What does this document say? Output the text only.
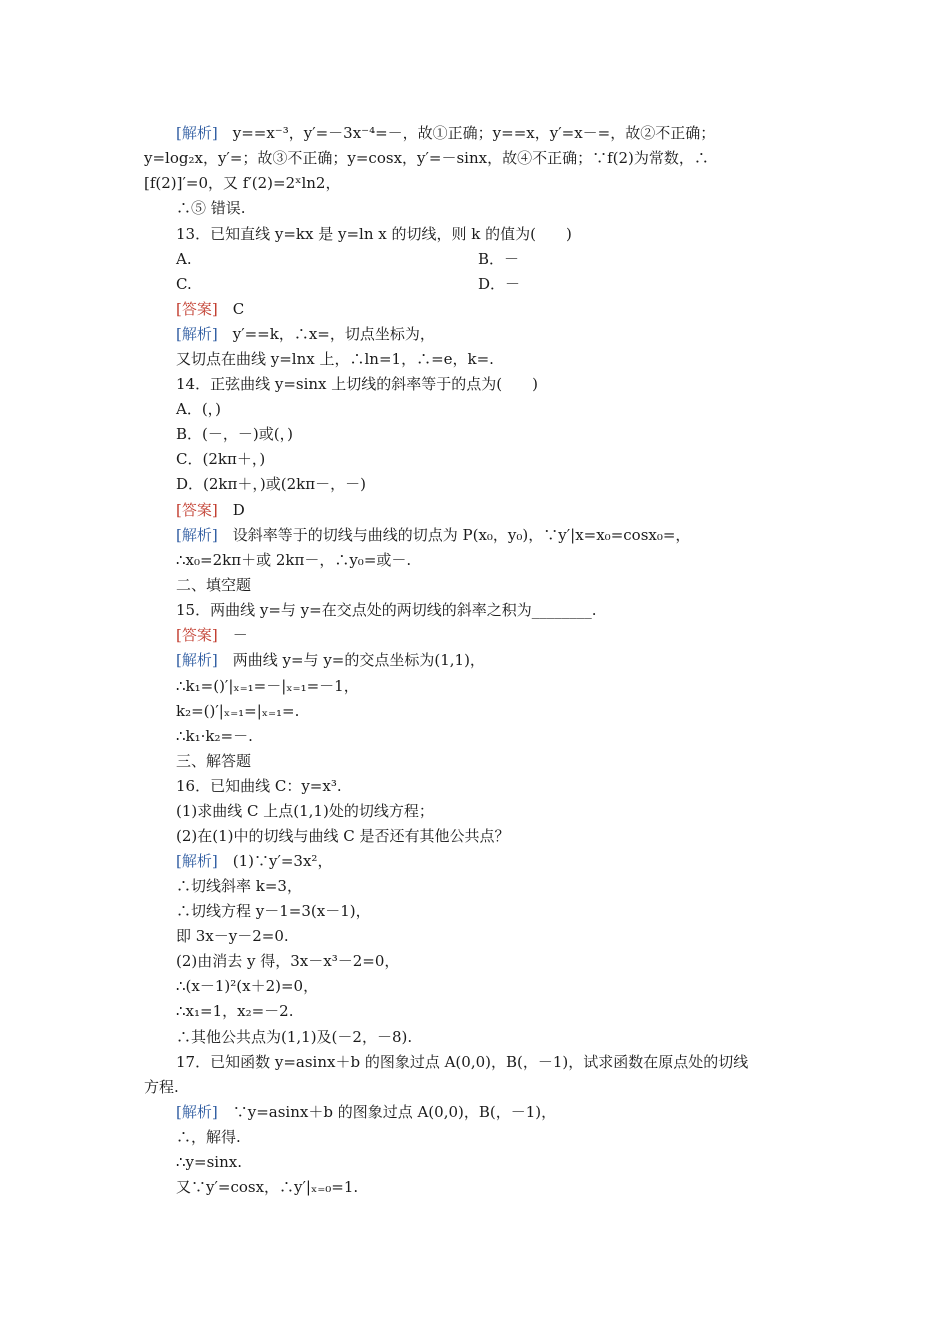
[解析]　 y==x⁻³，y′=－3x⁻⁴=－，故①正确；y==x，y′=x－=，故②不正确；
y=log₂x，y′=；故③不正确；y=cosx，y′=－sinx，故④不正确；∵f(2)为常数，∴
[f(2)]′=0，又 f′(2)=2ˣln2，
∴⑤ 错误.
13．已知直线 y=kx 是 y=ln x 的切线，则 k 的值为(　　)
A.	B．－
C.	D．－
[答案]　 C
[解析]　 y′==k，∴x=，切点坐标为，
又切点在曲线 y=lnx 上，∴ln=1，∴=e，k=.
14．正弦曲线 y=sinx 上切线的斜率等于的点为(　　)
A．(，)
B．(－，－)或(，)
C．(2kπ＋，)
D．(2kπ＋，)或(2kπ－，－)
[答案]　 D
[解析]　 设斜率等于的切线与曲线的切点为 P(x₀，y₀)，∵y′|x=x₀=cosx₀=，
∴x₀=2kπ＋或 2kπ－，∴y₀=或－.
二、填空题
15．两曲线 y=与 y=在交点处的两切线的斜率之积为________.
[答案]　 －
[解析]　 两曲线 y=与 y=的交点坐标为(1,1)，
∴k₁=()′|ₓ₌₁=－|ₓ₌₁=－1，
k₂=()′|ₓ₌₁=|ₓ₌₁=.
∴k₁·k₂=－.
三、解答题
16．已知曲线 C：y=x³.
(1)求曲线 C 上点(1,1)处的切线方程；
(2)在(1)中的切线与曲线 C 是否还有其他公共点？
[解析]　 (1)∵y′=3x²，
∴切线斜率 k=3，
∴切线方程 y－1=3(x－1)，
即 3x－y－2=0.
(2)由消去 y 得，3x－x³－2=0，
∴(x－1)²(x＋2)=0，
∴x₁=1，x₂=－2.
∴其他公共点为(1,1)及(－2，－8).
17．已知函数 y=asinx＋b 的图象过点 A(0,0)，B(，－1)，试求函数在原点处的切线
方程.
[解析]　 ∵y=asinx＋b 的图象过点 A(0,0)，B(，－1)，
∴，解得.
∴y=sinx.
又∵y′=cosx，∴y′|ₓ₌₀=1.
